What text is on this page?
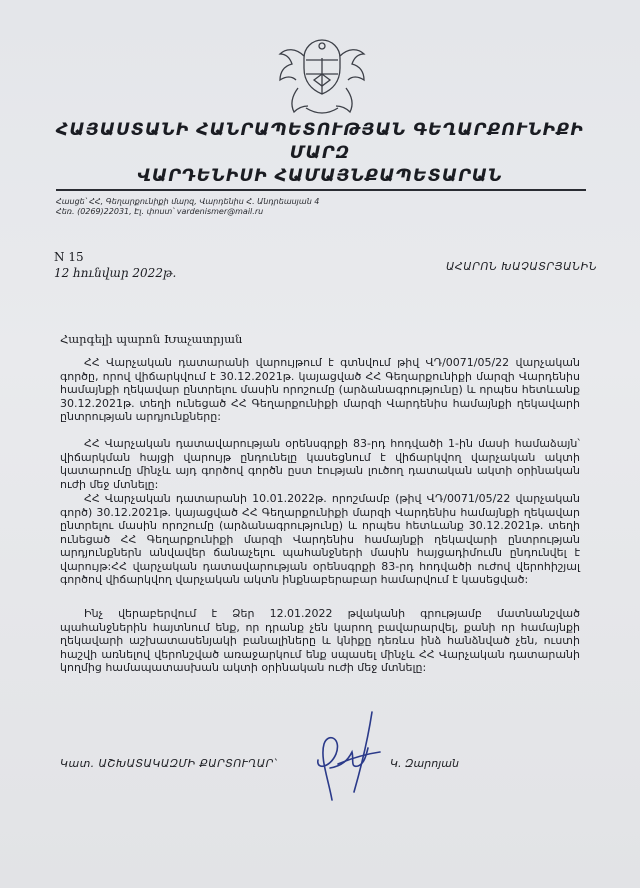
ՀԱՅԱՍՏԱՆԻ ՀԱՆՐԱՊԵՏՈՒԹՅԱՆ ԳԵՂԱՐՔՈՒՆԻՔԻ
ՄԱՐԶ
ՎԱՐԴԵՆԻՍԻ ՀԱՄԱՅՆՔԱՊԵՏԱՐԱՆ
Հասցե՝ ՀՀ, Գեղարքունիքի մարզ, Վարդենիս Հ. Անդրեասյան 4
Հեռ. (0269)22031, Էլ. փոստ՝ vardenismer@mail.ru
N 15
12 հունվար 2022թ.	ԱՀԱՐՈՆ ԽԱՉԱՏՐՅԱՆԻՆ
Հարգելի պարոն Խաչատրյան
ՀՀ Վարչական դատարանի վարույթում է գտնվում թիվ ՎԴ/0071/05/22 վարչական գործը, որով վիճարկվում է 30.12.2021թ. կայացված ՀՀ Գեղարքունիքի մարզի Վարդենիս համայնքի ղեկավար ընտրելու մասին որոշումը (արձանագրությունը) և որպես հետևանք 30.12.2021թ. տեղի ունեցած ՀՀ Գեղարքունիքի մարզի Վարդենիս համայնքի ղեկավարի ընտրության արդյունքները:
ՀՀ Վարչական դատավարության օրենսգրքի 83-րդ հոդվածի 1-ին մասի համաձայն՝ վիճարկման հայցի վարույթ ընդունելը կասեցնում է վիճարկվող վարչական ակտի կատարումը մինչև այդ գործով գործն ըստ էության լուծող դատական ակտի օրինական ուժի մեջ մտնելը:
ՀՀ Վարչական դատարանի 10.01.2022թ. որոշմամբ (թիվ ՎԴ/0071/05/22 վարչական գործ) 30.12.2021թ. կայացված ՀՀ Գեղարքունիքի մարզի Վարդենիս համայնքի ղեկավար ընտրելու մասին որոշումը (արձանագրությունը) և որպես հետևանք 30.12.2021թ. տեղի ունեցած ՀՀ Գեղարքունիքի մարզի Վարդենիս համայնքի ղեկավարի ընտրության արդյունքներն անվավեր ճանաչելու պահանջների մասին հայցադիմումն ընդունվել է վարույթ:ՀՀ վարչական դատավարության օրենսգրքի 83-րդ հոդվածի ուժով վերոհիշյալ գործով վիճարկվող վարչական ակտն ինքնաբերաբար համարվում է կասեցված:
Ինչ վերաբերվում է Ձեր 12.01.2022 թվականի գրությամբ մատնանշված պահանջներին հայտնում ենք, որ դրանք չեն կարող բավարարվել, քանի որ համայնքի ղեկավարի աշխատասենյակի բանալիները և կնիքը դեռևս ինձ հանձնված չեն, ուստի հաշվի առնելով վերոնշված առաջարկում ենք սպասել մինչև ՀՀ Վարչական դատարանի կողմից համապատասխան ակտի օրինական ուժի մեջ մտնելը:
Կատ. ԱՇԽԱՏԱԿԱԶՄԻ ՔԱՐՏՈՒՂԱՐ՝	Կ. Զարոյան
